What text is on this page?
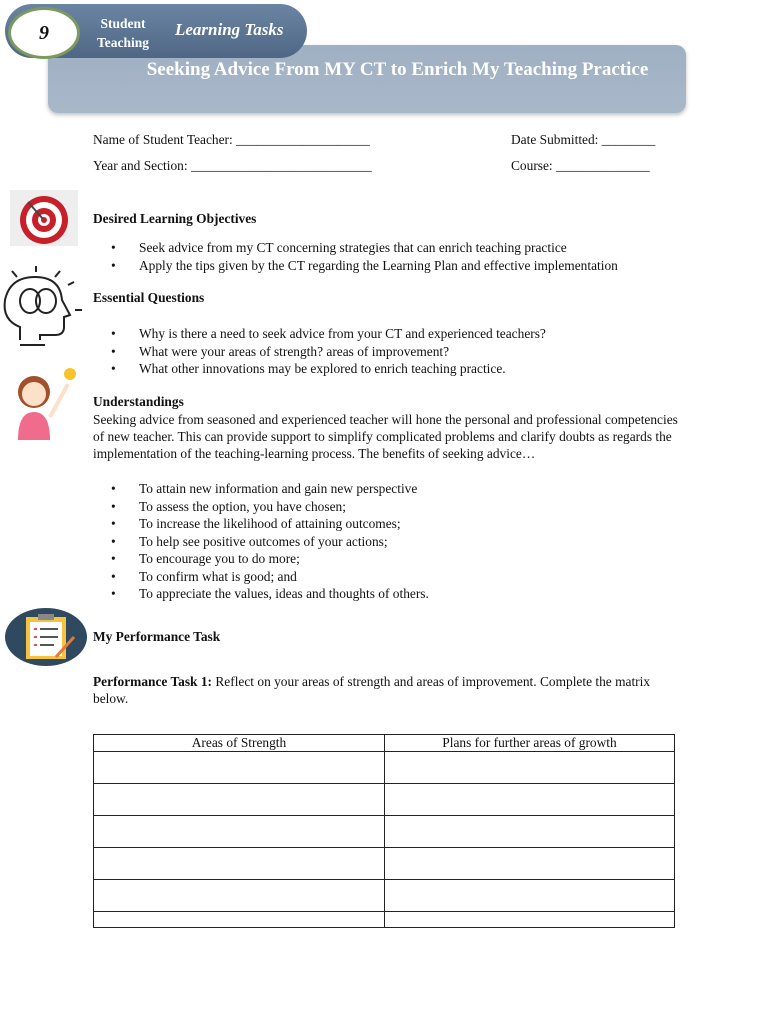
Seeking Advice From MY CT to Enrich My Teaching Practice
9	Student Teaching
Learning Tasks
Name of Student Teacher: ____________________	Date Submitted: ________
Year and Section: ___________________________	Course: ______________
Desired Learning Objectives
• Seek advice from my CT concerning strategies that can enrich teaching practice
• Apply the tips given by the CT regarding the Learning Plan and effective implementation
Essential Questions
• Why is there a need to seek advice from your CT and experienced teachers?
• What were your areas of strength? areas of improvement?
• What other innovations may be explored to enrich teaching practice.
Understandings
Seeking advice from seasoned and experienced teacher will hone the personal and professional competencies of new teacher. This can provide support to simplify complicated problems and clarify doubts as regards the implementation of the teaching-learning process. The benefits of seeking advice…
• To attain new information and gain new perspective
• To assess the option, you have chosen;
• To increase the likelihood of attaining outcomes;
• To help see positive outcomes of your actions;
• To encourage you to do more;
• To confirm what is good; and
• To appreciate the values, ideas and thoughts of others.
My Performance Task
Performance Task 1: Reflect on your areas of strength and areas of improvement. Complete the matrix below.
Areas of Strength	Plans for further areas of growth
